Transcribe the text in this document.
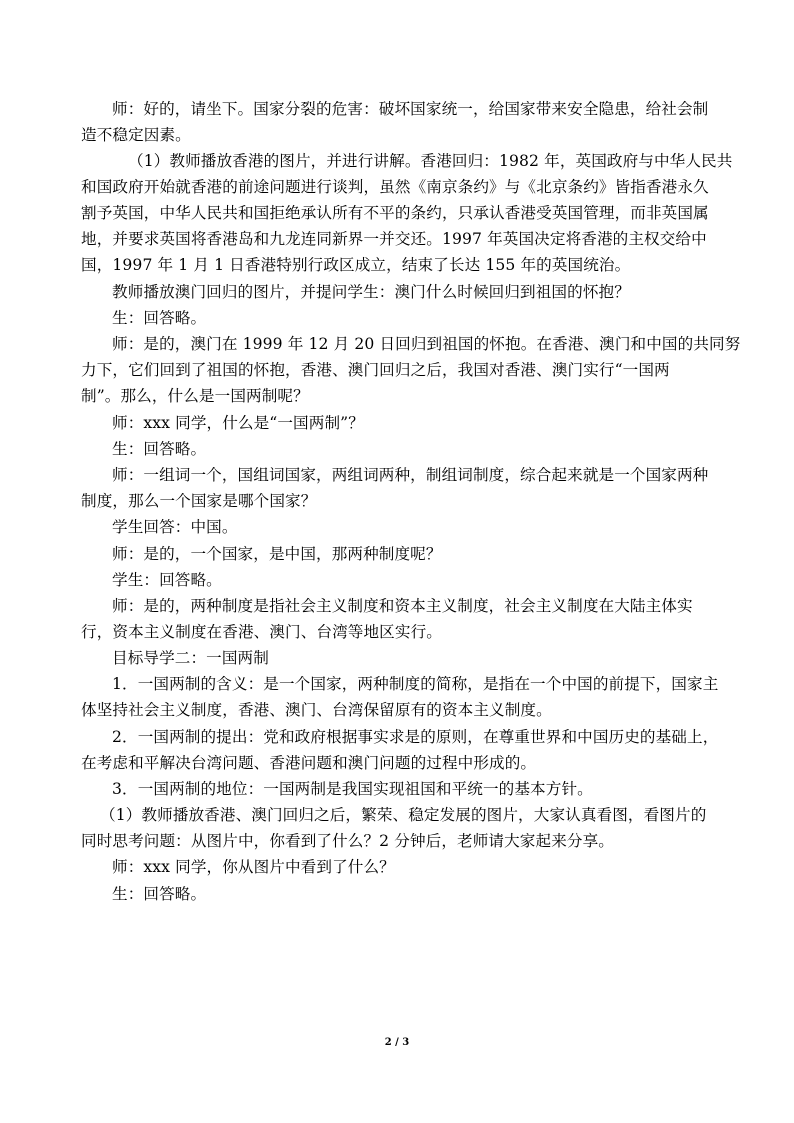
师：好的，请坐下。国家分裂的危害：破坏国家统一，给国家带来安全隐患，给社会制
造不稳定因素。
（1）教师播放香港的图片，并进行讲解。香港回归：1982 年，英国政府与中华人民共
和国政府开始就香港的前途问题进行谈判，虽然《南京条约》与《北京条约》皆指香港永久
割予英国，中华人民共和国拒绝承认所有不平的条约，只承认香港受英国管理，而非英国属
地，并要求英国将香港岛和九龙连同新界一并交还。1997 年英国决定将香港的主权交给中
国，1997 年 1 月 1 日香港特别行政区成立，结束了长达 155 年的英国统治。
教师播放澳门回归的图片，并提问学生：澳门什么时候回归到祖国的怀抱？
生：回答略。
师：是的，澳门在 1999 年 12 月 20 日回归到祖国的怀抱。在香港、澳门和中国的共同努
力下，它们回到了祖国的怀抱，香港、澳门回归之后，我国对香港、澳门实行“一国两
制”。那么，什么是一国两制呢？
师：xxx 同学，什么是“一国两制”？
生：回答略。
师：一组词一个，国组词国家，两组词两种，制组词制度，综合起来就是一个国家两种
制度，那么一个国家是哪个国家？
学生回答：中国。
师：是的，一个国家，是中国，那两种制度呢？
学生：回答略。
师：是的，两种制度是指社会主义制度和资本主义制度，社会主义制度在大陆主体实
行，资本主义制度在香港、澳门、台湾等地区实行。
目标导学二：一国两制
1．一国两制的含义：是一个国家，两种制度的简称，是指在一个中国的前提下，国家主
体坚持社会主义制度，香港、澳门、台湾保留原有的资本主义制度。
2．一国两制的提出：党和政府根据事实求是的原则，在尊重世界和中国历史的基础上，
在考虑和平解决台湾问题、香港问题和澳门问题的过程中形成的。
3．一国两制的地位：一国两制是我国实现祖国和平统一的基本方针。
（1）教师播放香港、澳门回归之后，繁荣、稳定发展的图片，大家认真看图，看图片的
同时思考问题：从图片中，你看到了什么？2 分钟后，老师请大家起来分享。
师：xxx 同学，你从图片中看到了什么？
生：回答略。
2 / 3
